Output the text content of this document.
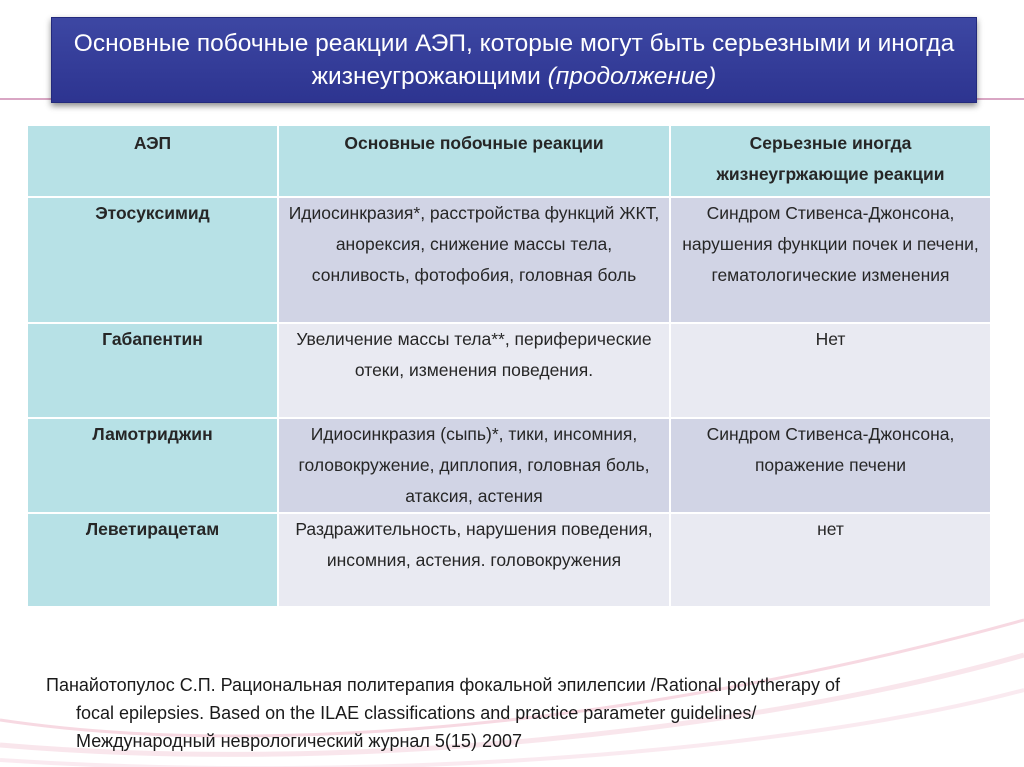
Основные побочные реакции АЭП, которые могут быть серьезными и иногда жизнеугрожающими (продолжение)

АЭП	Основные побочные реакции	Серьезные иногда жизнеугржающие реакции
Этосуксимид	Идиосинкразия*, расстройства функций ЖКТ, анорексия, снижение массы тела, сонливость, фотофобия, головная боль	Синдром Стивенса-Джонсона, нарушения функции почек и печени, гематологические изменения
Габапентин	Увеличение массы тела**, периферические отеки, изменения поведения.	Нет
Ламотриджин	Идиосинкразия (сыпь)*, тики, инсомния, головокружение, диплопия, головная боль, атаксия, астения	Синдром Стивенса-Джонсона, поражение печени
Леветирацетам	Раздражительность, нарушения поведения, инсомния, астения. головокружения	нет

Панайотопулос С.П. Рациональная политерапия фокальной эпилепсии /Rational polytherapy of
focal epilepsies. Based on the ILAE classifications and practice parameter guidelines/
Международный неврологический журнал 5(15) 2007
